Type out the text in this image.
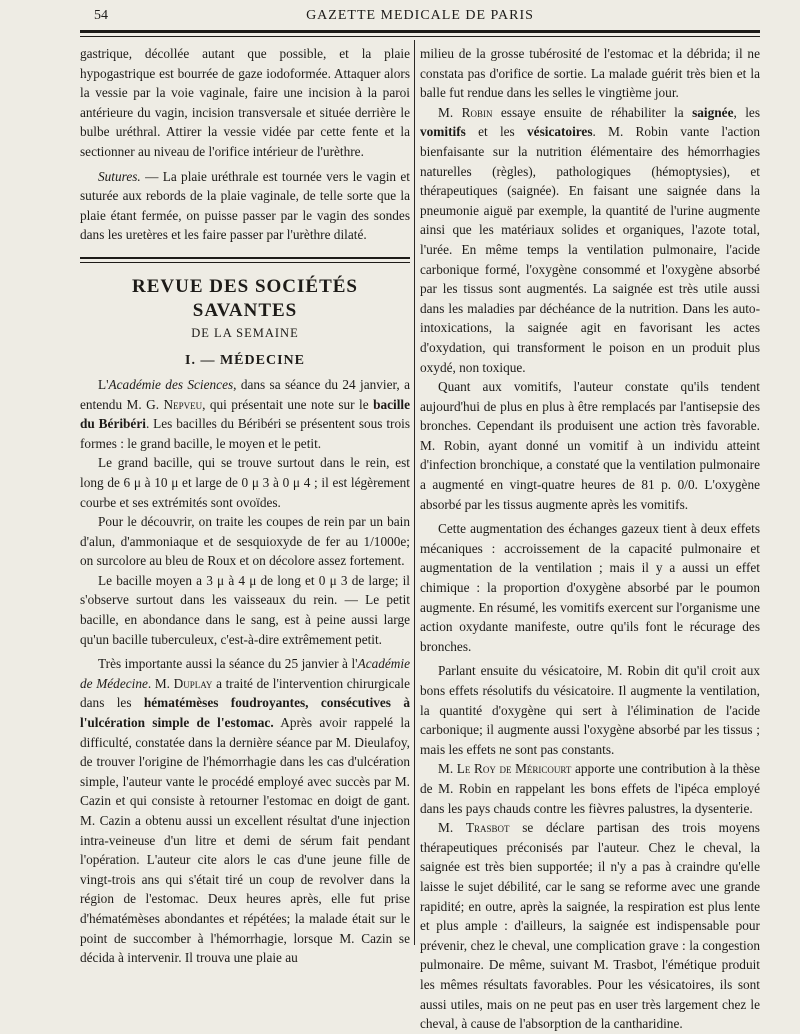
54	GAZETTE MEDICALE DE PARIS

gastrique, décollée autant que possible, et la plaie hypogastrique est bourrée de gaze iodoformée. Attaquer alors la vessie par la voie vaginale, faire une incision à la paroi antérieure du vagin, incision transversale et située derrière le bulbe uréthral. Attirer la vessie vidée par cette fente et la sectionner au niveau de l'orifice intérieur de l'urèthre.

Sutures. — La plaie uréthrale est tournée vers le vagin et suturée aux rebords de la plaie vaginale, de telle sorte que la plaie étant fermée, on puisse passer par le vagin des sondes dans les uretères et les faire passer par l'urèthre dilaté.

REVUE DES SOCIÉTÉS SAVANTES
DE LA SEMAINE
I. — MÉDECINE

L'Académie des Sciences, dans sa séance du 24 janvier, a entendu M. G. Nepveu, qui présentait une note sur le bacille du Béribéri. Les bacilles du Béribéri se présentent sous trois formes : le grand bacille, le moyen et le petit.

Le grand bacille, qui se trouve surtout dans le rein, est long de 6 μ à 10 μ et large de 0 μ 3 à 0 μ 4 ; il est légèrement courbe et ses extrémités sont ovoïdes.

Pour le découvrir, on traite les coupes de rein par un bain d'alun, d'ammoniaque et de sesquioxyde de fer au 1/1000e; on surcolore au bleu de Roux et on décolore assez fortement.

Le bacille moyen a 3 μ à 4 μ de long et 0 μ 3 de large; il s'observe surtout dans les vaisseaux du rein. — Le petit bacille, en abondance dans le sang, est à peine aussi large qu'un bacille tuberculeux, c'est-à-dire extrêmement petit.

Très importante aussi la séance du 25 janvier à l'Académie de Médecine. M. Duplay a traité de l'intervention chirurgicale dans les hématémèses foudroyantes, consécutives à l'ulcération simple de l'estomac. Après avoir rappelé la difficulté, constatée dans la dernière séance par M. Dieulafoy, de trouver l'origine de l'hémorrhagie dans les cas d'ulcération simple, l'auteur vante le procédé employé avec succès par M. Cazin et qui consiste à retourner l'estomac en doigt de gant. M. Cazin a obtenu aussi un excellent résultat d'une injection intra-veineuse d'un litre et demi de sérum fait pendant l'opération. L'auteur cite alors le cas d'une jeune fille de vingt-trois ans qui s'était tiré un coup de revolver dans la région de l'estomac. Deux heures après, elle fut prise d'hématémèses abondantes et répétées; la malade était sur le point de succomber à l'hémorrhagie, lorsque M. Cazin se décida à intervenir. Il trouva une plaie au

milieu de la grosse tubérosité de l'estomac et la débrida; il ne constata pas d'orifice de sortie. La malade guérit très bien et la balle fut rendue dans les selles le vingtième jour.

M. Robin essaye ensuite de réhabiliter la saignée, les vomitifs et les vésicatoires. M. Robin vante l'action bienfaisante sur la nutrition élémentaire des hémorrhagies naturelles (règles), pathologiques (hémoptysies), et thérapeutiques (saignée). En faisant une saignée dans la pneumonie aiguë par exemple, la quantité de l'urine augmente ainsi que les matériaux solides et organiques, l'azote total, l'urée. En même temps la ventilation pulmonaire, l'acide carbonique formé, l'oxygène consommé et l'oxygène absorbé par les tissus sont augmentés. La saignée est très utile aussi dans les maladies par déchéance de la nutrition. Dans les auto-intoxications, la saignée agit en favorisant les actes d'oxydation, qui transforment le poison en un produit plus oxydé, non toxique.

Quant aux vomitifs, l'auteur constate qu'ils tendent aujourd'hui de plus en plus à être remplacés par l'antisepsie des bronches. Cependant ils produisent une action très favorable. M. Robin, ayant donné un vomitif à un individu atteint d'infection bronchique, a constaté que la ventilation pulmonaire a augmenté en vingt-quatre heures de 81 p. 0/0. L'oxygène absorbé par les tissus augmente après les vomitifs.

Cette augmentation des échanges gazeux tient à deux effets mécaniques : accroissement de la capacité pulmonaire et augmentation de la ventilation ; mais il y a aussi un effet chimique : la proportion d'oxygène absorbé par le poumon augmente. En résumé, les vomitifs exercent sur l'organisme une action oxydante manifeste, outre qu'ils font le récurage des bronches.

Parlant ensuite du vésicatoire, M. Robin dit qu'il croit aux bons effets résolutifs du vésicatoire. Il augmente la ventilation, la quantité d'oxygène qui sert à l'élimination de l'acide carbonique; il augmente aussi l'oxygène absorbé par les tissus ; mais les effets ne sont pas constants.

M. Le Roy de Méricourt apporte une contribution à la thèse de M. Robin en rappelant les bons effets de l'ipéca employé dans les pays chauds contre les fièvres palustres, la dysenterie.

M. Trasbot se déclare partisan des trois moyens thérapeutiques préconisés par l'auteur. Chez le cheval, la saignée est très bien supportée; il n'y a pas à craindre qu'elle laisse le sujet débilité, car le sang se reforme avec une grande rapidité; en outre, après la saignée, la respiration est plus lente et plus ample : d'ailleurs, la saignée est indispensable pour prévenir, chez le cheval, une complication grave : la congestion pulmonaire. De même, suivant M. Trasbot, l'émétique produit les mêmes résultats favorables. Pour les vésicatoires, ils sont aussi utiles, mais on ne peut pas en user très largement chez le cheval, à cause de l'absorption de la cantharidine.
